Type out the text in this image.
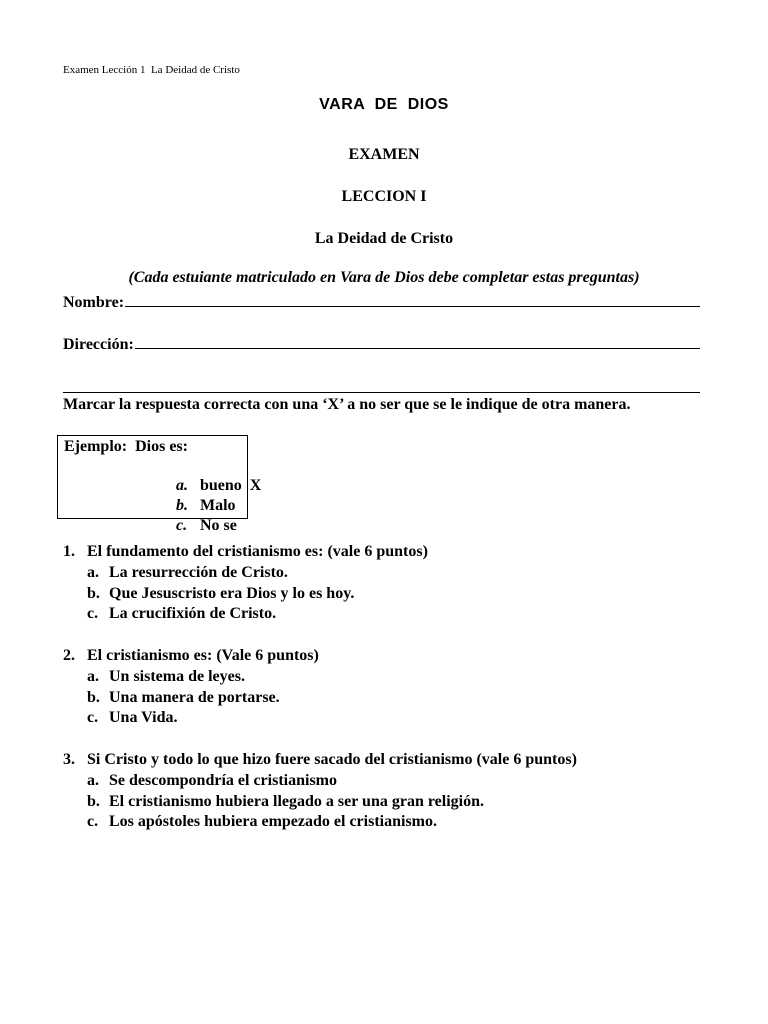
Examen Lección 1  La Deidad de Cristo
VARA  DE  DIOS
EXAMEN
LECCION I
La Deidad de Cristo
(Cada estuiante matriculado en Vara de Dios debe completar estas preguntas)
Nombre:
Dirección:
Marcar la respuesta correcta con una ‘X’ a no ser que se le indique de otra manera.
Ejemplo:  Dios es:

a. bueno  X

b. Malo

c. No se

1. El fundamento del cristianismo es: (vale 6 puntos)
a. La resurrección de Cristo.
b. Que Jesuscristo era Dios y lo es hoy.
c. La crucifixión de Cristo.
2. El cristianismo es: (Vale 6 puntos)
a. Un sistema de leyes.
b. Una manera de portarse.
c. Una Vida.
3. Si Cristo y todo lo que hizo fuere sacado del cristianismo (vale 6 puntos)
a. Se descompondría el cristianismo
b. El cristianismo hubiera llegado a ser una gran religión.
c. Los apóstoles hubiera empezado el cristianismo.
